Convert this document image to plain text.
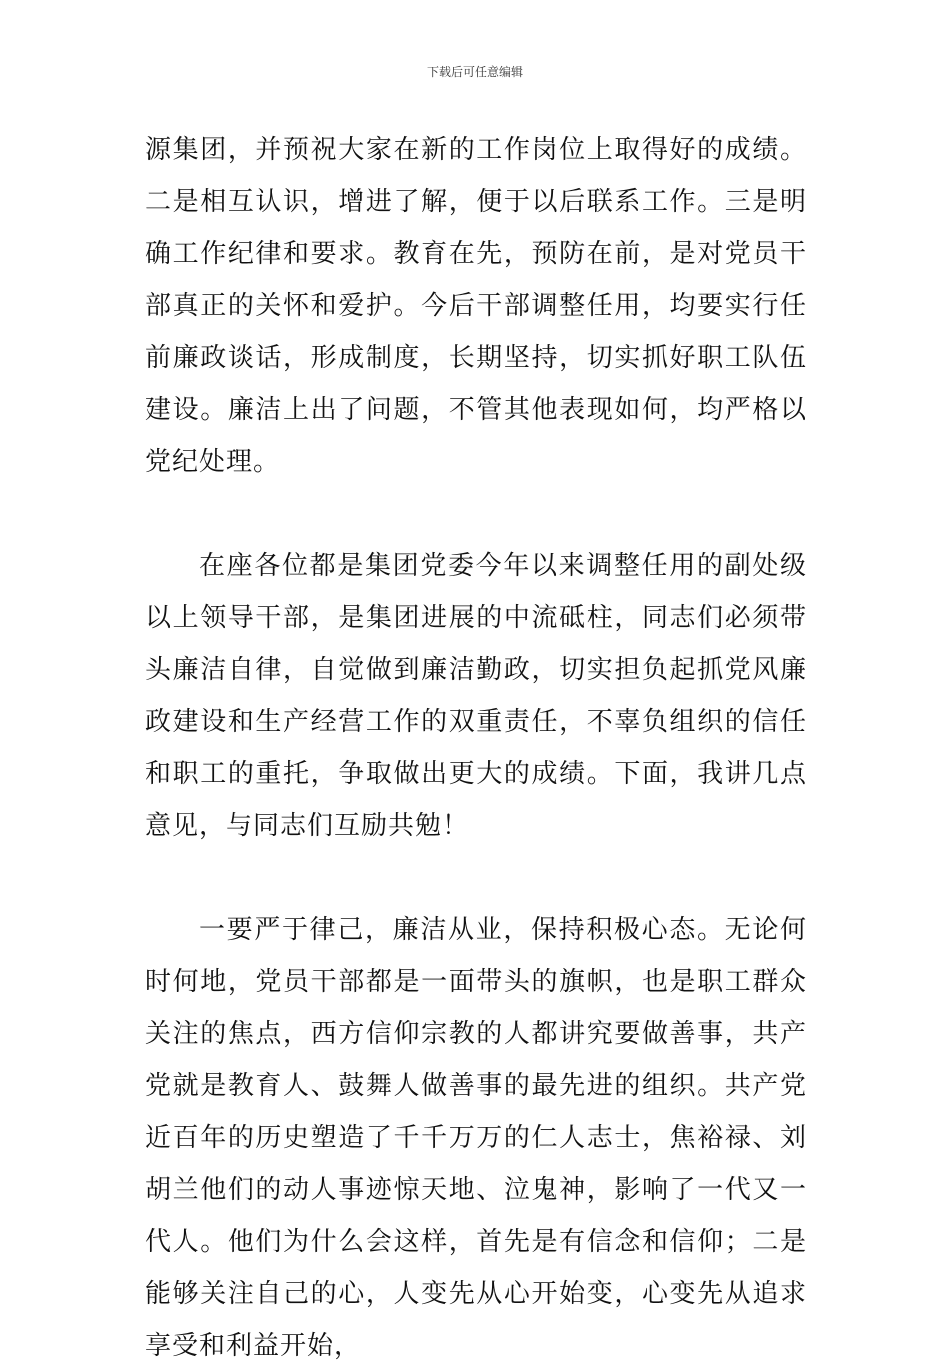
下载后可任意编辑

源集团，并预祝大家在新的工作岗位上取得好的成绩。二是相互认识，增进了解，便于以后联系工作。三是明确工作纪律和要求。教育在先，预防在前，是对党员干部真正的关怀和爱护。今后干部调整任用，均要实行任前廉政谈话，形成制度，长期坚持，切实抓好职工队伍建设。廉洁上出了问题，不管其他表现如何，均严格以党纪处理。

在座各位都是集团党委今年以来调整任用的副处级以上领导干部，是集团进展的中流砥柱，同志们必须带头廉洁自律，自觉做到廉洁勤政，切实担负起抓党风廉政建设和生产经营工作的双重责任，不辜负组织的信任和职工的重托，争取做出更大的成绩。下面，我讲几点意见，与同志们互励共勉！

一要严于律己，廉洁从业，保持积极心态。无论何时何地，党员干部都是一面带头的旗帜，也是职工群众关注的焦点，西方信仰宗教的人都讲究要做善事，共产党就是教育人、鼓舞人做善事的最先进的组织。共产党近百年的历史塑造了千千万万的仁人志士，焦裕禄、刘胡兰他们的动人事迹惊天地、泣鬼神，影响了一代又一代人。他们为什么会这样，首先是有信念和信仰；二是能够关注自己的心，人变先从心开始变，心变先从追求享受和利益开始，
